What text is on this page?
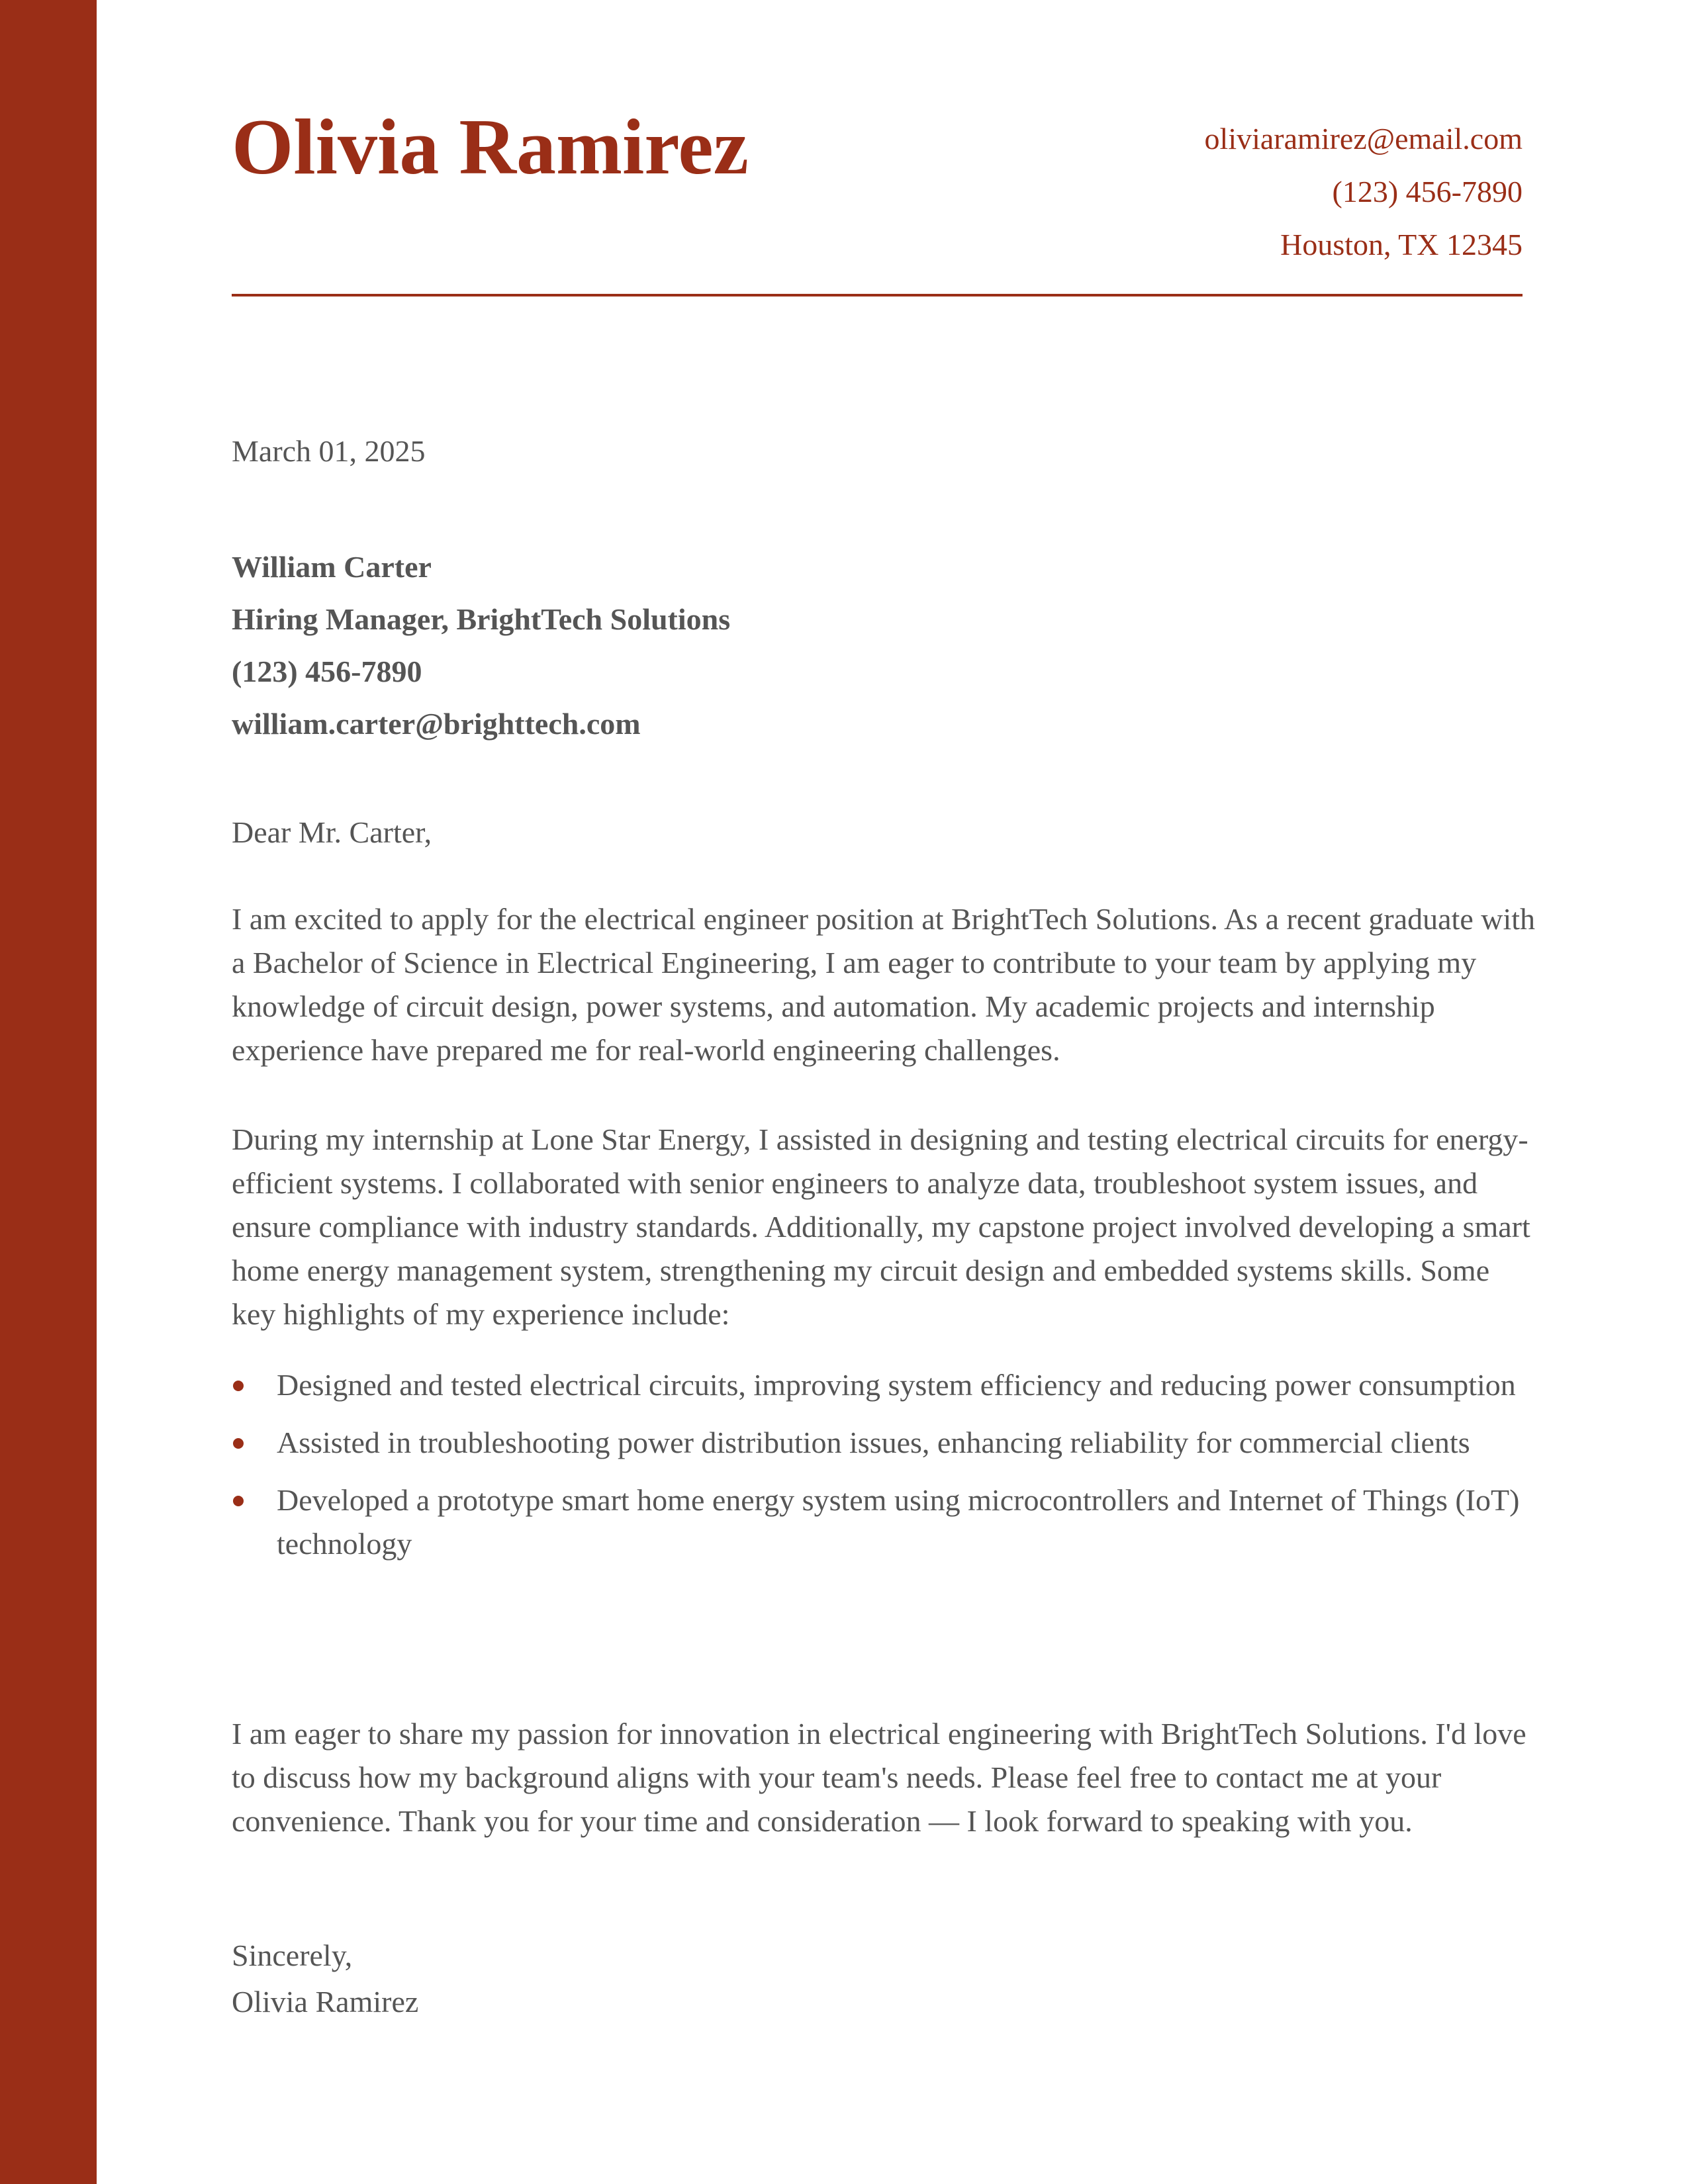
Olivia Ramirez	oliviaramirez@email.com
(123) 456-7890
Houston, TX 12345
March 01, 2025
William Carter
Hiring Manager, BrightTech Solutions
(123) 456-7890
william.carter@brighttech.com
Dear Mr. Carter,

I am excited to apply for the electrical engineer position at BrightTech Solutions. As a recent graduate with a Bachelor of Science in Electrical Engineering, I am eager to contribute to your team by applying my knowledge of circuit design, power systems, and automation. My academic projects and internship experience have prepared me for real-world engineering challenges.

During my internship at Lone Star Energy, I assisted in designing and testing electrical circuits for energy-efficient systems. I collaborated with senior engineers to analyze data, troubleshoot system issues, and ensure compliance with industry standards. Additionally, my capstone project involved developing a smart home energy management system, strengthening my circuit design and embedded systems skills. Some key highlights of my experience include:

Designed and tested electrical circuits, improving system efficiency and reducing power consumption
Assisted in troubleshooting power distribution issues, enhancing reliability for commercial clients
Developed a prototype smart home energy system using microcontrollers and Internet of Things (IoT) technology

I am eager to share my passion for innovation in electrical engineering with BrightTech Solutions. I'd love to discuss how my background aligns with your team's needs. Please feel free to contact me at your convenience. Thank you for your time and consideration — I look forward to speaking with you.

Sincerely,
Olivia Ramirez
